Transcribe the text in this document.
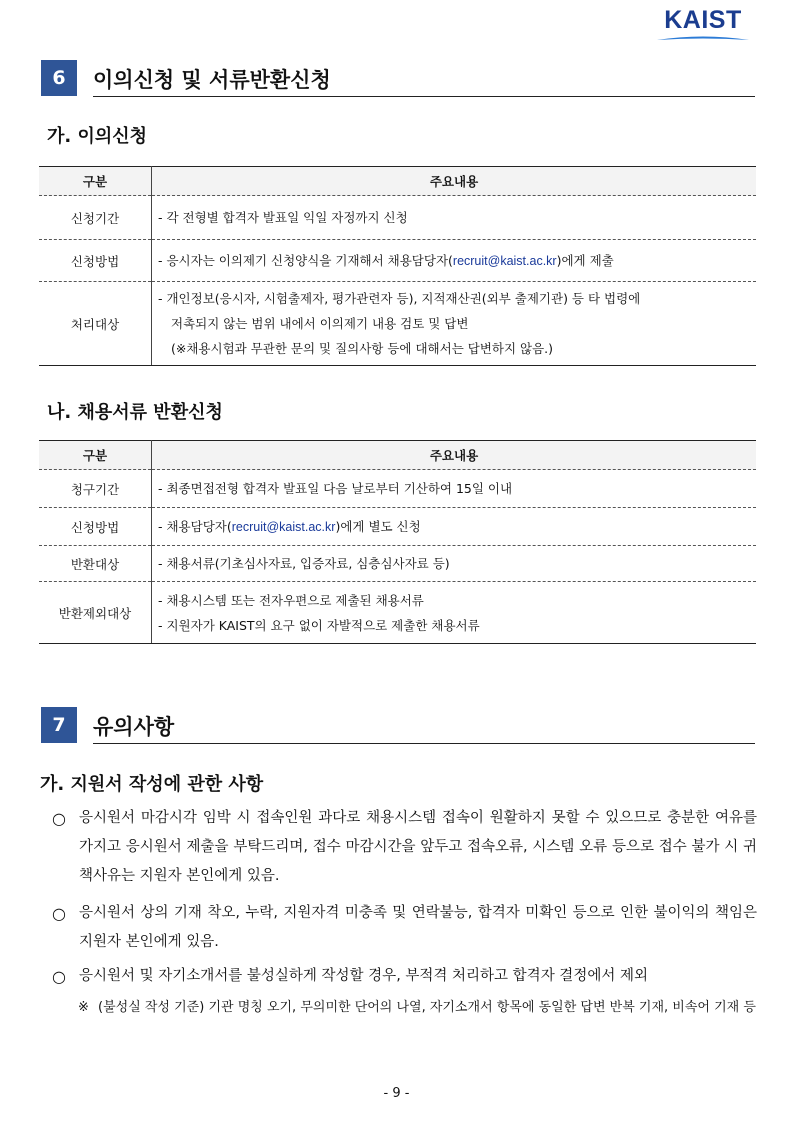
KAIST
6	이의신청 및 서류반환신청
가. 이의신청
구분	주요내용
신청기간	- 각 전형별 합격자 발표일 익일 자정까지 신청
신청방법	- 응시자는 이의제기 신청양식을 기재해서 채용담당자(recruit@kaist.ac.kr)에게 제출
처리대상	- 개인정보(응시자, 시험출제자, 평가관련자 등), 지적재산권(외부 출제기관) 등 타 법령에
저촉되지 않는 범위 내에서 이의제기 내용 검토 및 답변
(※채용시험과 무관한 문의 및 질의사항 등에 대해서는 답변하지 않음.)
나. 채용서류 반환신청
구분	주요내용
청구기간	- 최종면접전형 합격자 발표일 다음 날로부터 기산하여 15일 이내
신청방법	- 채용담당자(recruit@kaist.ac.kr)에게 별도 신청
반환대상	- 채용서류(기초심사자료, 입증자료, 심층심사자료 등)
반환제외대상	- 채용시스템 또는 전자우편으로 제출된 채용서류
- 지원자가 KAIST의 요구 없이 자발적으로 제출한 채용서류
7	유의사항
가. 지원서 작성에 관한 사항
○ 응시원서 마감시각 임박 시 접속인원 과다로 채용시스템 접속이 원활하지 못할 수 있으므로 충분한 여유를 가지고 응시원서 제출을 부탁드리며, 접수 마감시간을 앞두고 접속오류, 시스템 오류 등으로 접수 불가 시 귀책사유는 지원자 본인에게 있음.
○ 응시원서 상의 기재 착오, 누락, 지원자격 미충족 및 연락불능, 합격자 미확인 등으로 인한 불이익의 책임은 지원자 본인에게 있음.
○ 응시원서 및 자기소개서를 불성실하게 작성할 경우, 부적격 처리하고 합격자 결정에서 제외
※ (불성실 작성 기준) 기관 명칭 오기, 무의미한 단어의 나열, 자기소개서 항목에 동일한 답변 반복 기재, 비속어 기재 등
- 9 -
